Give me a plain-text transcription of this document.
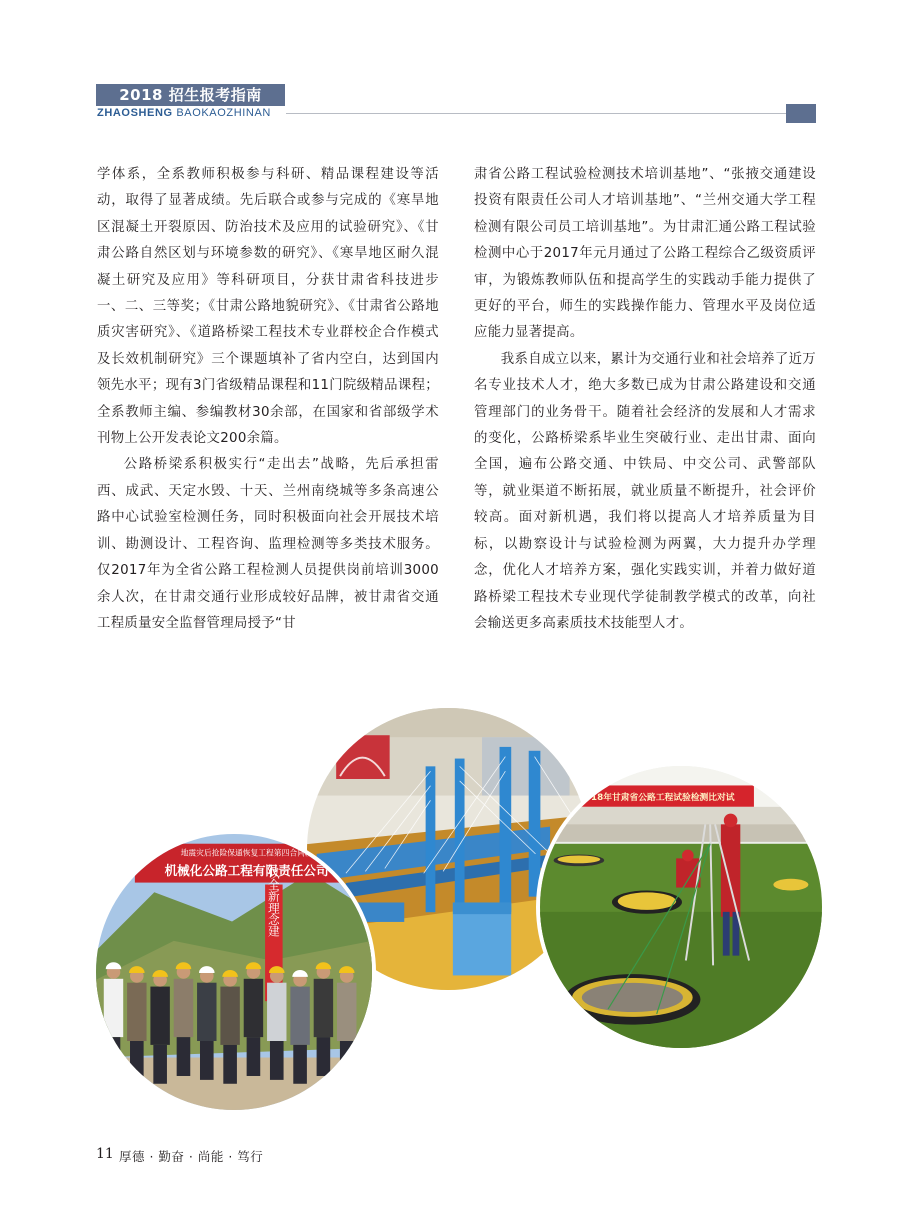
2018 招生报考指南
ZHAOSHENG BAOKAOZHINAN

学体系，全系教师积极参与科研、精品课程建设等活动，取得了显著成绩。先后联合或参与完成的《寒旱地区混凝土开裂原因、防治技术及应用的试验研究》、《甘肃公路自然区划与环境参数的研究》、《寒旱地区耐久混凝土研究及应用》等科研项目，分获甘肃省科技进步一、二、三等奖；《甘肃公路地貌研究》、《甘肃省公路地质灾害研究》、《道路桥梁工程技术专业群校企合作模式及长效机制研究》三个课题填补了省内空白，达到国内领先水平；现有3门省级精品课程和11门院级精品课程；全系教师主编、参编教材30余部，在国家和省部级学术刊物上公开发表论文200余篇。

公路桥梁系积极实行“走出去”战略，先后承担雷西、成武、天定水毁、十天、兰州南绕城等多条高速公路中心试验室检测任务，同时积极面向社会开展技术培训、勘测设计、工程咨询、监理检测等多类技术服务。仅2017年为全省公路工程检测人员提供岗前培训3000余人次，在甘肃交通行业形成较好品牌，被甘肃省交通工程质量安全监督管理局授予“甘

肃省公路工程试验检测技术培训基地”、“张掖交通建设投资有限责任公司人才培训基地”、“兰州交通大学工程检测有限公司员工培训基地”。为甘肃汇通公路工程试验检测中心于2017年元月通过了公路工程综合乙级资质评审，为锻炼教师队伍和提高学生的实践动手能力提供了更好的平台，师生的实践操作能力、管理水平及岗位适应能力显著提高。

我系自成立以来，累计为交通行业和社会培养了近万名专业技术人才，绝大多数已成为甘肃公路建设和交通管理部门的业务骨干。随着社会经济的发展和人才需求的变化，公路桥梁系毕业生突破行业、走出甘肃、面向全国，遍布公路交通、中铁局、中交公司、武警部队等，就业渠道不断拓展，就业质量不断提升，社会评价较高。面对新机遇，我们将以提高人才培养质量为目标，以勘察设计与试验检测为两翼，大力提升办学理念，优化人才培养方案，强化实践实训，并着力做好道路桥梁工程技术专业现代学徒制教学模式的改革，向社会输送更多高素质技术技能型人才。

地震灾后抢险保通恢复工程第四合同段
机械化公路工程有限责任公司
以全新理念建
2018年甘肃省公路工程试验检测比对试
11 厚德 · 勤奋 · 尚能 · 笃行
